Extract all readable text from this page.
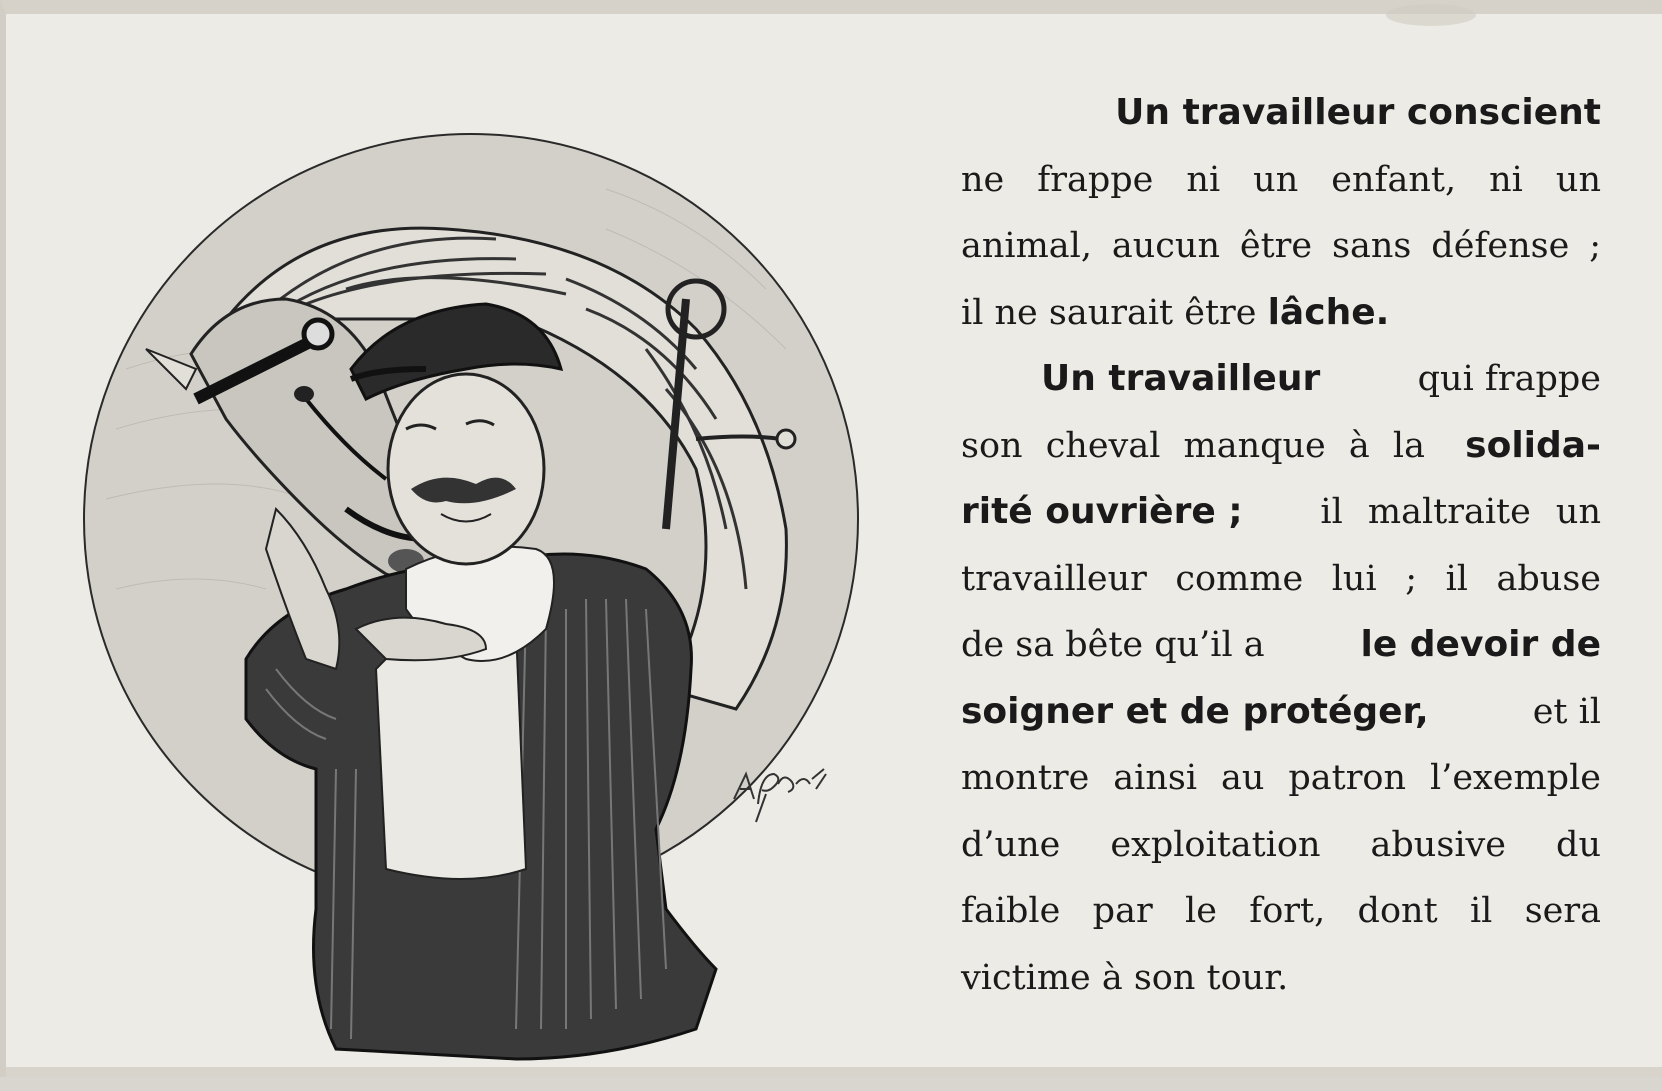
Un travailleur conscient
ne frappe ni un enfant, ni un
animal, aucun être sans défense ;
il ne saurait être lâche.
Un travailleur qui frappe
son cheval manque à la solida-
rité ouvrière ; il maltraite un
travailleur comme lui ; il abuse
de sa bête qu’il a le devoir de
soigner et de protéger,	et il
montre ainsi au patron l’exemple
d’une exploitation abusive du
faible par le fort, dont il sera
victime à son tour.
